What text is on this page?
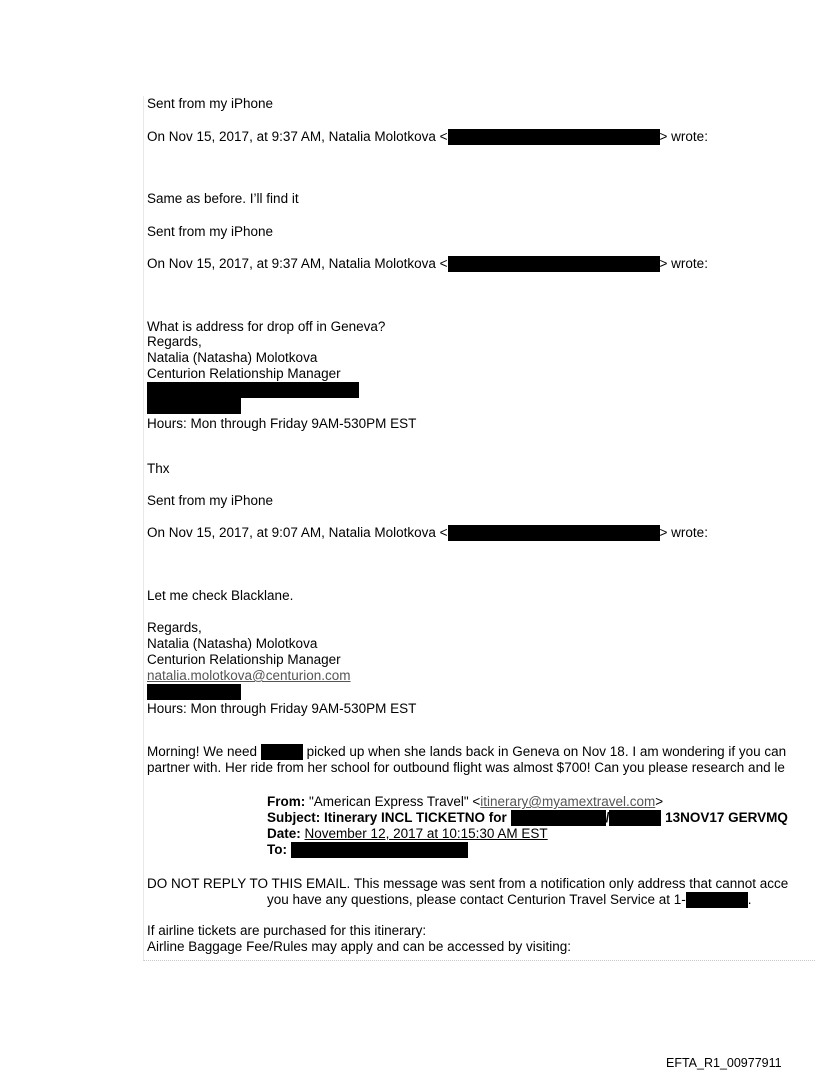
Sent from my iPhone
On Nov 15, 2017, at 9:37 AM, Natalia Molotkova <	> wrote:
Same as before. I’ll find it
Sent from my iPhone
On Nov 15, 2017, at 9:37 AM, Natalia Molotkova <	> wrote:
What is address for drop off in Geneva?
Regards,
Natalia (Natasha) Molotkova
Centurion Relationship Manager
Hours: Mon through Friday 9AM-530PM EST
Thx
Sent from my iPhone
On Nov 15, 2017, at 9:07 AM, Natalia Molotkova <	> wrote:
Let me check Blacklane.
Regards,
Natalia (Natasha) Molotkova
Centurion Relationship Manager
natalia.molotkova@centurion.com
Hours: Mon through Friday 9AM-530PM EST
Morning! We need	picked up when she lands back in Geneva on Nov 18. I am wondering if you can
partner with. Her ride from her school for outbound flight was almost $700! Can you please research and le
From: "American Express Travel" <itinerary@myamextravel.com>
Subject: Itinerary INCL TICKETNO for	/	13NOV17 GERVMQ
Date: November 12, 2017 at 10:15:30 AM EST
To:
DO NOT REPLY TO THIS EMAIL. This message was sent from a notification only address that cannot acce
you have any questions, please contact Centurion Travel Service at 1-	.
If airline tickets are purchased for this itinerary:
Airline Baggage Fee/Rules may apply and can be accessed by visiting:
EFTA_R1_00977911
